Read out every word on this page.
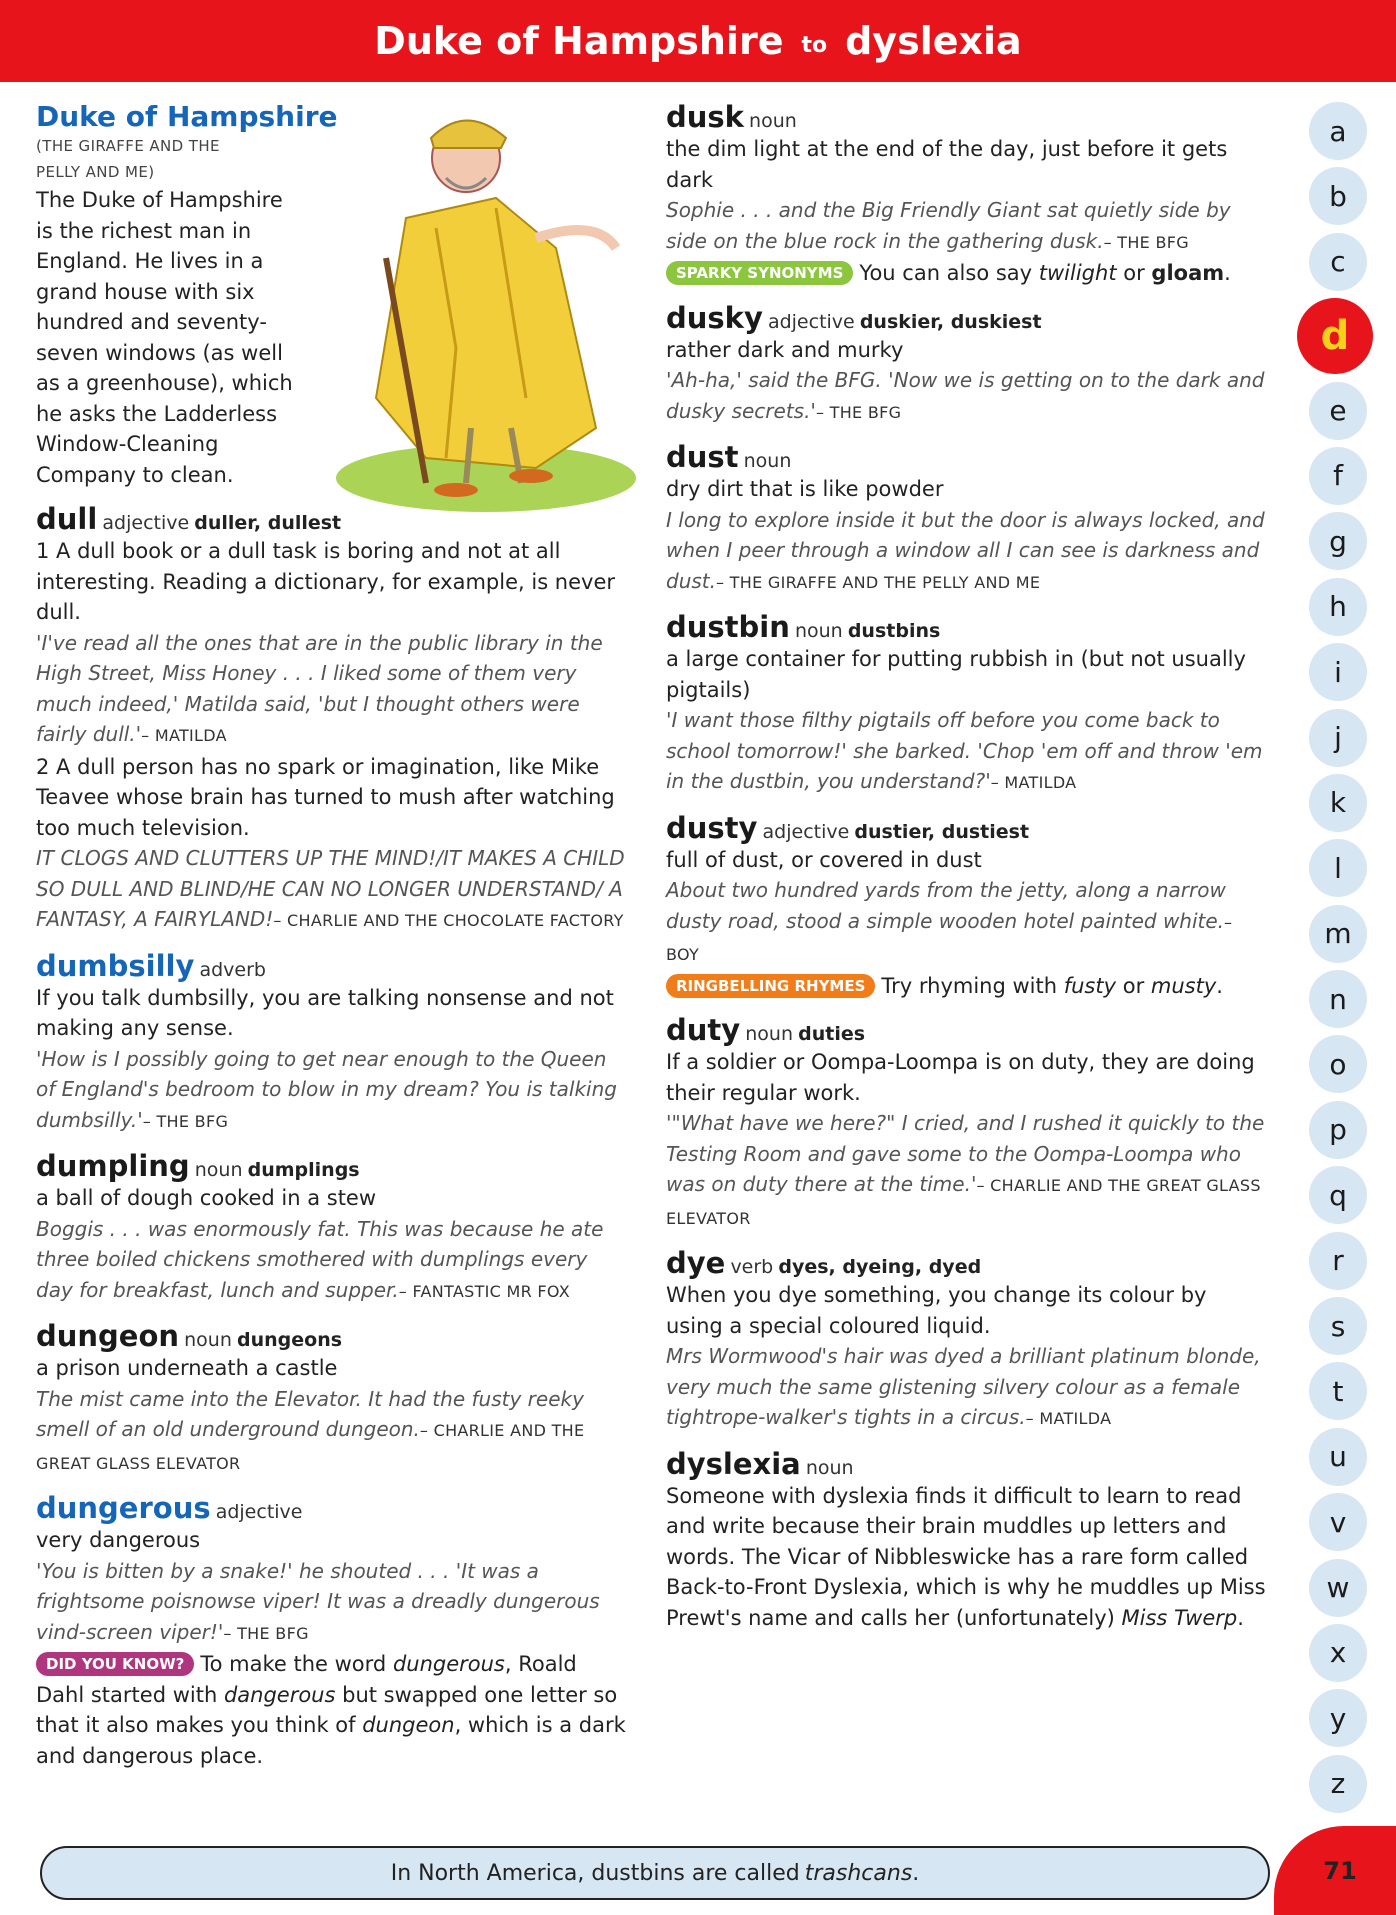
Duke of Hampshire to dyslexia
Duke of Hampshire
(THE GIRAFFE AND THE PELLY AND ME)
The Duke of Hampshire is the richest man in England. He lives in a grand house with six hundred and seventy-seven windows (as well as a greenhouse), which he asks the Ladderless Window-Cleaning Company to clean.
dull adjective duller, dullest
1 A dull book or a dull task is boring and not at all interesting. Reading a dictionary, for example, is never dull.
'I've read all the ones that are in the public library in the High Street, Miss Honey . . . I liked some of them very much indeed,' Matilda said, 'but I thought others were fairly dull.'– MATILDA
2 A dull person has no spark or imagination, like Mike Teavee whose brain has turned to mush after watching too much television.
IT CLOGS AND CLUTTERS UP THE MIND!/IT MAKES A CHILD SO DULL AND BLIND/HE CAN NO LONGER UNDERSTAND/ A FANTASY, A FAIRYLAND!– CHARLIE AND THE CHOCOLATE FACTORY
dumbsilly adverb
If you talk dumbsilly, you are talking nonsense and not making any sense.
'How is I possibly going to get near enough to the Queen of England's bedroom to blow in my dream? You is talking dumbsilly.'– THE BFG
dumpling noun dumplings
a ball of dough cooked in a stew
Boggis . . . was enormously fat. This was because he ate three boiled chickens smothered with dumplings every day for breakfast, lunch and supper.– FANTASTIC MR FOX
dungeon noun dungeons
a prison underneath a castle
The mist came into the Elevator. It had the fusty reeky smell of an old underground dungeon.– CHARLIE AND THE GREAT GLASS ELEVATOR
dungerous adjective
very dangerous
'You is bitten by a snake!' he shouted . . . 'It was a frightsome poisnowse viper! It was a dreadly dungerous vind-screen viper!'– THE BFG
DID YOU KNOW? To make the word dungerous, Roald Dahl started with dangerous but swapped one letter so that it also makes you think of dungeon, which is a dark and dangerous place.
dusk noun
the dim light at the end of the day, just before it gets dark
Sophie . . . and the Big Friendly Giant sat quietly side by side on the blue rock in the gathering dusk.– THE BFG
SPARKY SYNONYMS You can also say twilight or gloam.
dusky adjective duskier, duskiest
rather dark and murky
'Ah-ha,' said the BFG. 'Now we is getting on to the dark and dusky secrets.'– THE BFG
dust noun
dry dirt that is like powder
I long to explore inside it but the door is always locked, and when I peer through a window all I can see is darkness and dust.– THE GIRAFFE AND THE PELLY AND ME
dustbin noun dustbins
a large container for putting rubbish in (but not usually pigtails)
'I want those filthy pigtails off before you come back to school tomorrow!' she barked. 'Chop 'em off and throw 'em in the dustbin, you understand?'– MATILDA
dusty adjective dustier, dustiest
full of dust, or covered in dust
About two hundred yards from the jetty, along a narrow dusty road, stood a simple wooden hotel painted white.– BOY
RINGBELLING RHYMES Try rhyming with fusty or musty.
duty noun duties
If a soldier or Oompa-Loompa is on duty, they are doing their regular work.
'"What have we here?" I cried, and I rushed it quickly to the Testing Room and gave some to the Oompa-Loompa who was on duty there at the time.'– CHARLIE AND THE GREAT GLASS ELEVATOR
dye verb dyes, dyeing, dyed
When you dye something, you change its colour by using a special coloured liquid.
Mrs Wormwood's hair was dyed a brilliant platinum blonde, very much the same glistening silvery colour as a female tightrope-walker's tights in a circus.– MATILDA
dyslexia noun
Someone with dyslexia finds it difficult to learn to read and write because their brain muddles up letters and words. The Vicar of Nibbleswicke has a rare form called Back-to-Front Dyslexia, which is why he muddles up Miss Prewt's name and calls her (unfortunately) Miss Twerp.
a
b
c
d
e
f
g
h
i
j
k
l
m
n
o
p
q
r
s
t
u
v
w
x
y
z
In North America, dustbins are called trashcans .	71
